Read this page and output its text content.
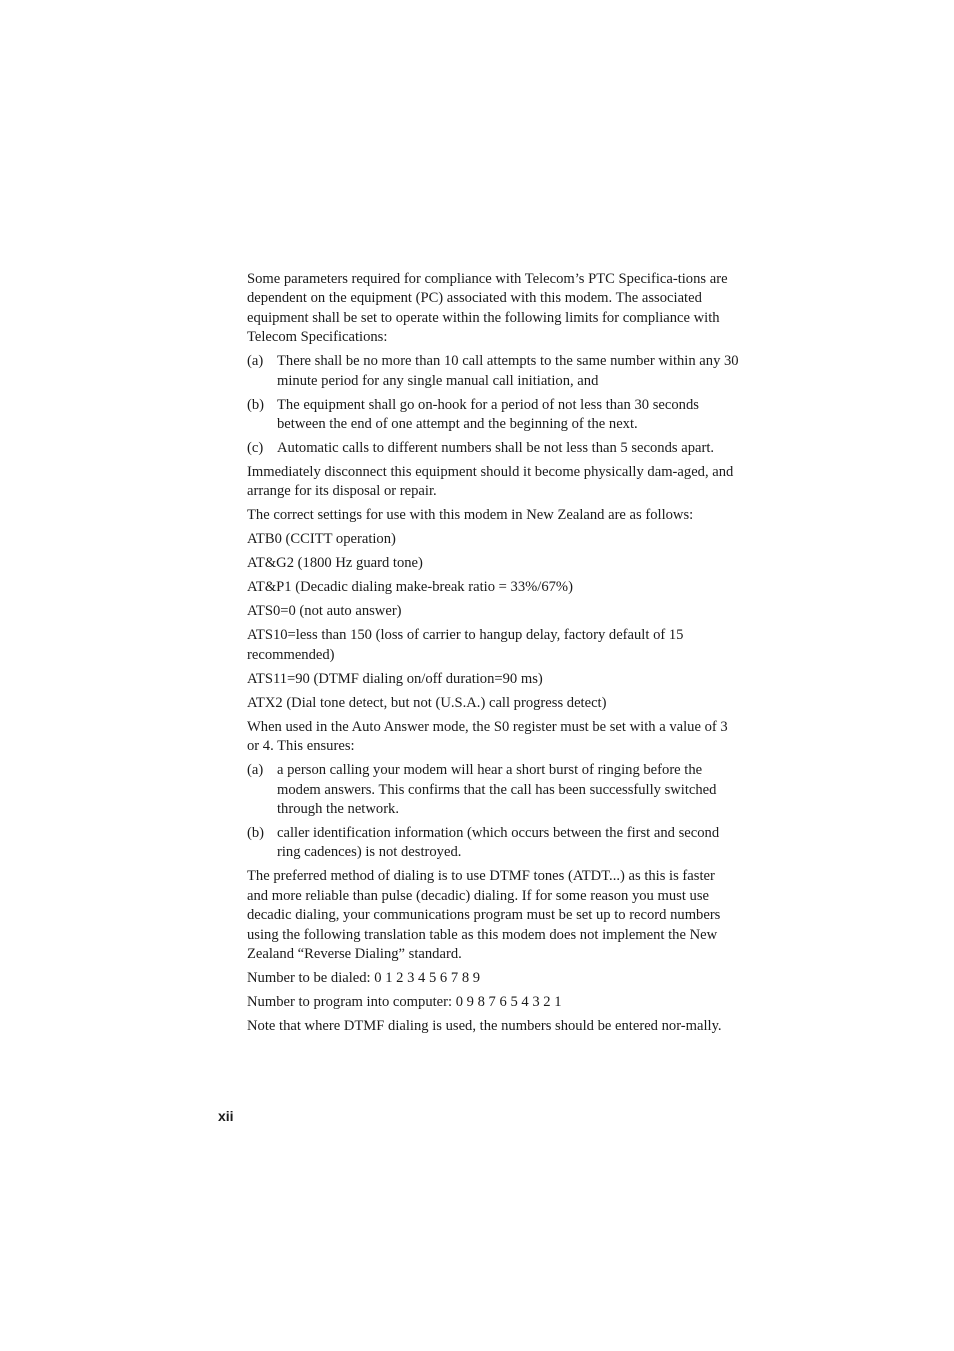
Some parameters required for compliance with Telecom’s PTC Specifica-tions are dependent on the equipment (PC) associated with this modem. The associated equipment shall be set to operate within the following limits for compliance with Telecom Specifications:

(a) There shall be no more than 10 call attempts to the same number within any 30 minute period for any single manual call initiation, and
(b) The equipment shall go on-hook for a period of not less than 30 seconds between the end of one attempt and the beginning of the next.
(c) Automatic calls to different numbers shall be not less than 5 seconds apart.

Immediately disconnect this equipment should it become physically dam-aged, and arrange for its disposal or repair.

The correct settings for use with this modem in New Zealand are as follows:

ATB0 (CCITT operation)

AT&G2 (1800 Hz guard tone)

AT&P1 (Decadic dialing make-break ratio = 33%/67%)

ATS0=0 (not auto answer)

ATS10=less than 150 (loss of carrier to hangup delay, factory default of 15 recommended)

ATS11=90 (DTMF dialing on/off duration=90 ms)

ATX2 (Dial tone detect, but not (U.S.A.) call progress detect)

When used in the Auto Answer mode, the S0 register must be set with a value of 3 or 4. This ensures:

(a) a person calling your modem will hear a short burst of ringing before the modem answers. This confirms that the call has been successfully switched through the network.
(b) caller identification information (which occurs between the first and second ring cadences) is not destroyed.

The preferred method of dialing is to use DTMF tones (ATDT...) as this is faster and more reliable than pulse (decadic) dialing. If for some reason you must use decadic dialing, your communications program must be set up to record numbers using the following translation table as this modem does not implement the New Zealand “Reverse Dialing” standard.

Number to be dialed: 0 1 2 3 4 5 6 7 8 9

Number to program into computer: 0 9 8 7 6 5 4 3 2 1

Note that where DTMF dialing is used, the numbers should be entered nor-mally.

xii
